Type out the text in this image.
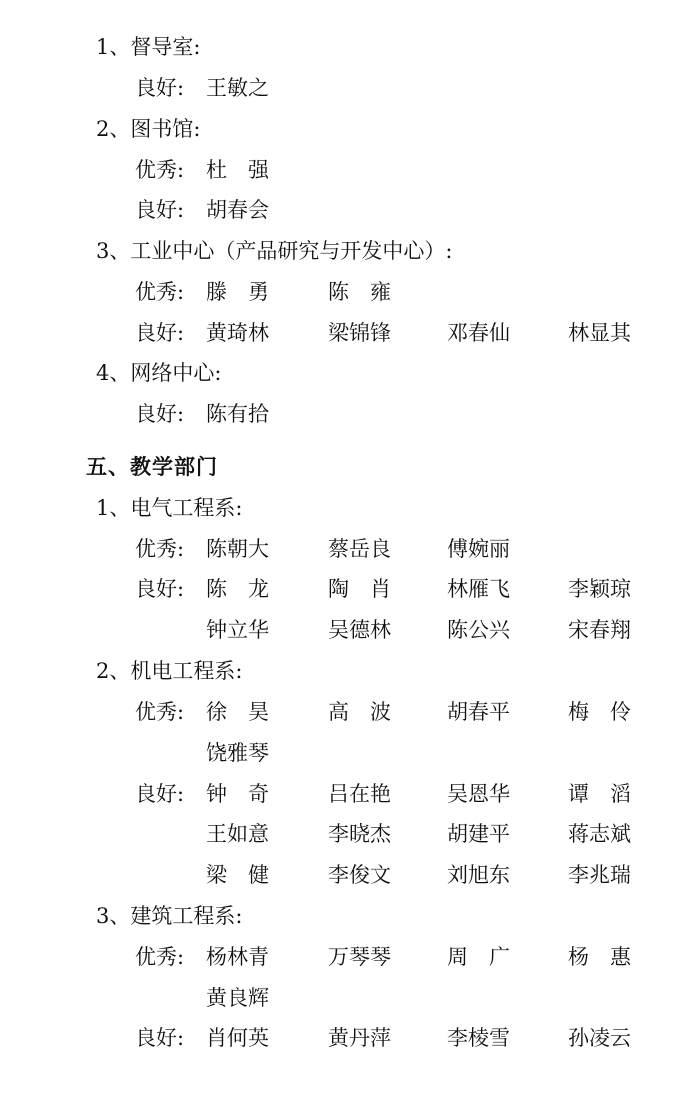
1、督导室:
良好: 王敏之
2、图书馆:
优秀: 杜　强
良好: 胡春会
3、工业中心（产品研究与开发中心）:
优秀: 滕　勇	陈　雍
良好: 黄琦林	梁锦锋	邓春仙	林显其
4、网络中心:
良好: 陈有拾
五、教学部门
1、电气工程系:
优秀: 陈朝大	蔡岳良	傅婉丽
良好: 陈　龙	陶　肖	林雁飞	李颖琼
钟立华	吴德林	陈公兴	宋春翔
2、机电工程系:
优秀: 徐　昊	高　波	胡春平	梅　伶
饶雅琴
良好: 钟　奇	吕在艳	吴恩华	谭　滔
王如意	李晓杰	胡建平	蒋志斌
梁　健	李俊文	刘旭东	李兆瑞
3、建筑工程系:
优秀: 杨林青	万琴琴	周　广	杨　惠
黄良辉
良好: 肖何英	黄丹萍	李棱雪	孙凌云
